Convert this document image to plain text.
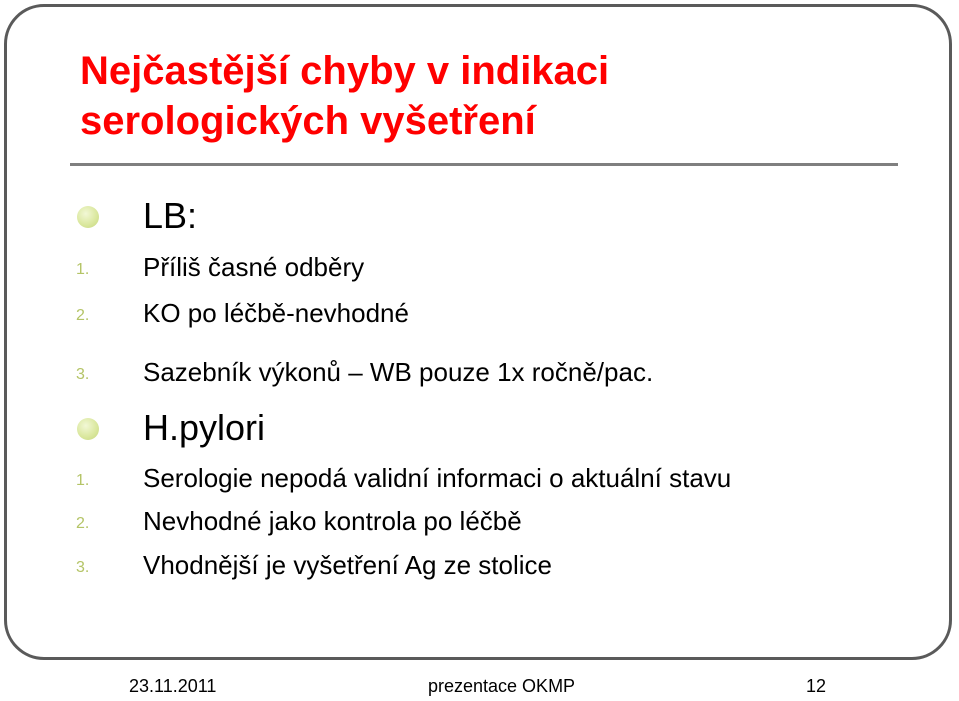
Nejčastější chyby v indikaci
serologických vyšetření
LB:
1. Příliš časné odběry
2. KO po léčbě-nevhodné
3. Sazebník výkonů – WB pouze 1x ročně/pac.
H.pylori
1. Serologie nepodá validní informaci o aktuální stavu
2. Nevhodné jako kontrola po léčbě
3. Vhodnější je vyšetření Ag ze stolice
23.11.2011	prezentace OKMP	12
